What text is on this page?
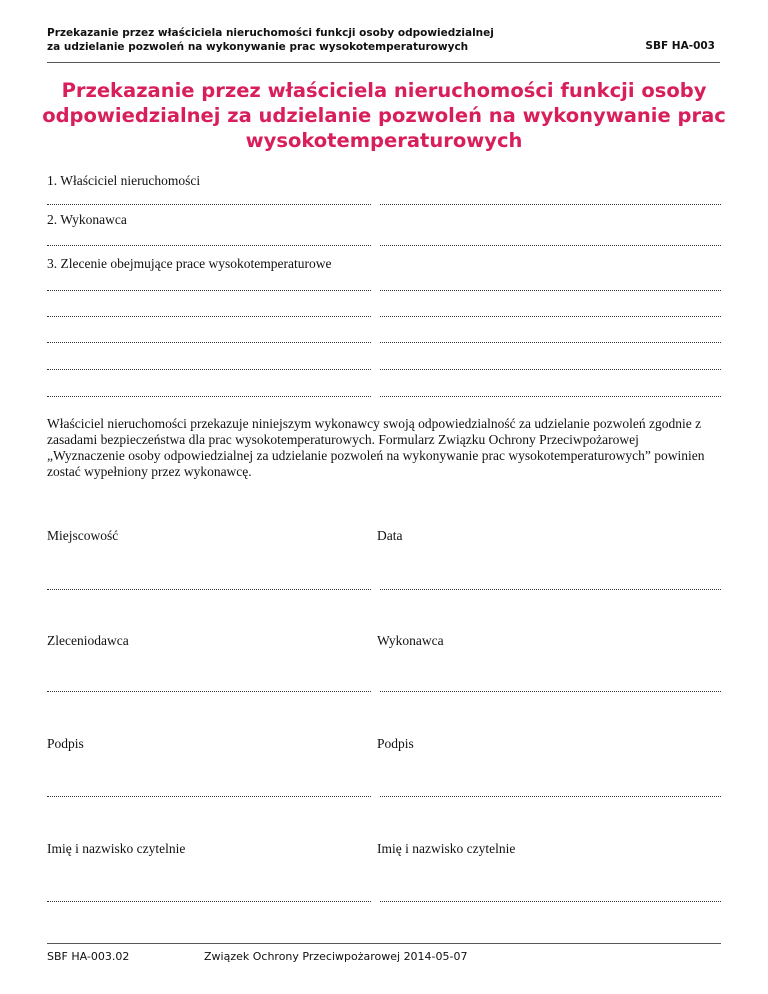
Przekazanie przez właściciela nieruchomości funkcji osoby odpowiedzialnej
za udzielanie pozwoleń na wykonywanie prac wysokotemperaturowych	SBF HA-003
Przekazanie przez właściciela nieruchomości funkcji osoby odpowiedzialnej za udzielanie pozwoleń na wykonywanie prac wysokotemperaturowych
1. Właściciel nieruchomości
2. Wykonawca
3. Zlecenie obejmujące prace wysokotemperaturowe
Właściciel nieruchomości przekazuje niniejszym wykonawcy swoją odpowiedzialność za udzielanie pozwoleń zgodnie z zasadami bezpieczeństwa dla prac wysokotemperaturowych. Formularz Związku Ochrony Przeciwpożarowej „Wyznaczenie osoby odpowiedzialnej za udzielanie pozwoleń na wykonywanie prac wysokotemperaturowych” powinien zostać wypełniony przez wykonawcę.
Miejscowość	Data
Zleceniodawca	Wykonawca
Podpis	Podpis
Imię i nazwisko czytelnie	Imię i nazwisko czytelnie
SBF HA-003.02	Związek Ochrony Przeciwpożarowej 2014-05-07
